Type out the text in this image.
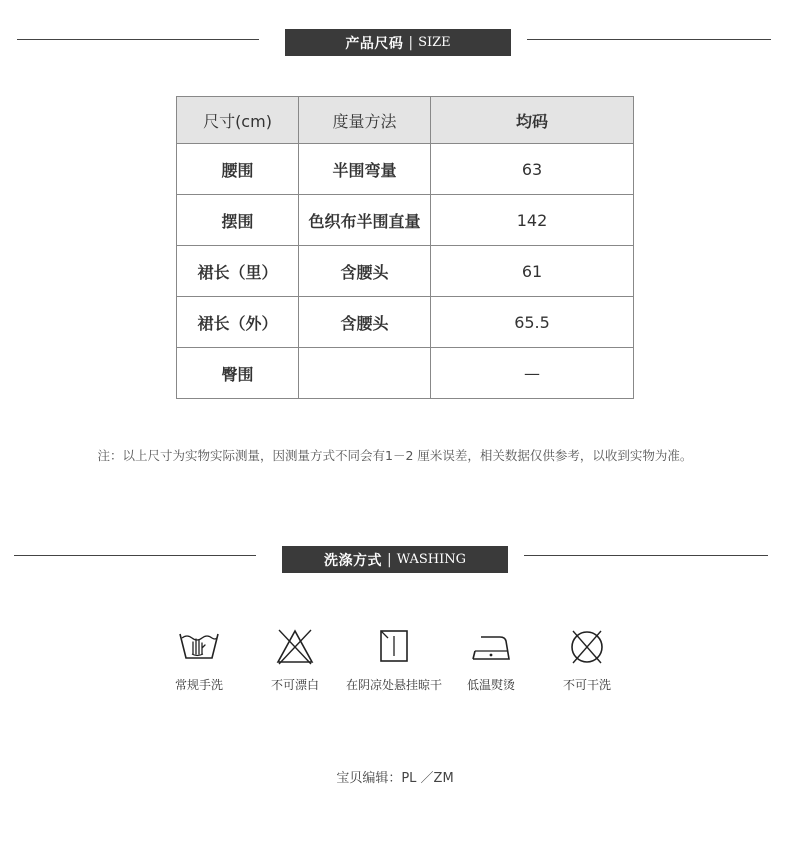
产品尺码 | SIZE
尺寸(cm)	度量方法	均码
腰围	半围弯量	63
摆围	色织布半围直量	142
裙长（里）	含腰头	61
裙长（外）	含腰头	65.5
臀围		—
注：以上尺寸为实物实际测量，因测量方式不同会有1－2 厘米误差，相关数据仅供参考，以收到实物为准。
洗涤方式 | WASHING
常规手洗	不可漂白	在阴凉处悬挂晾干	低温熨烫	不可干洗
宝贝编辑：PL ／ZM
